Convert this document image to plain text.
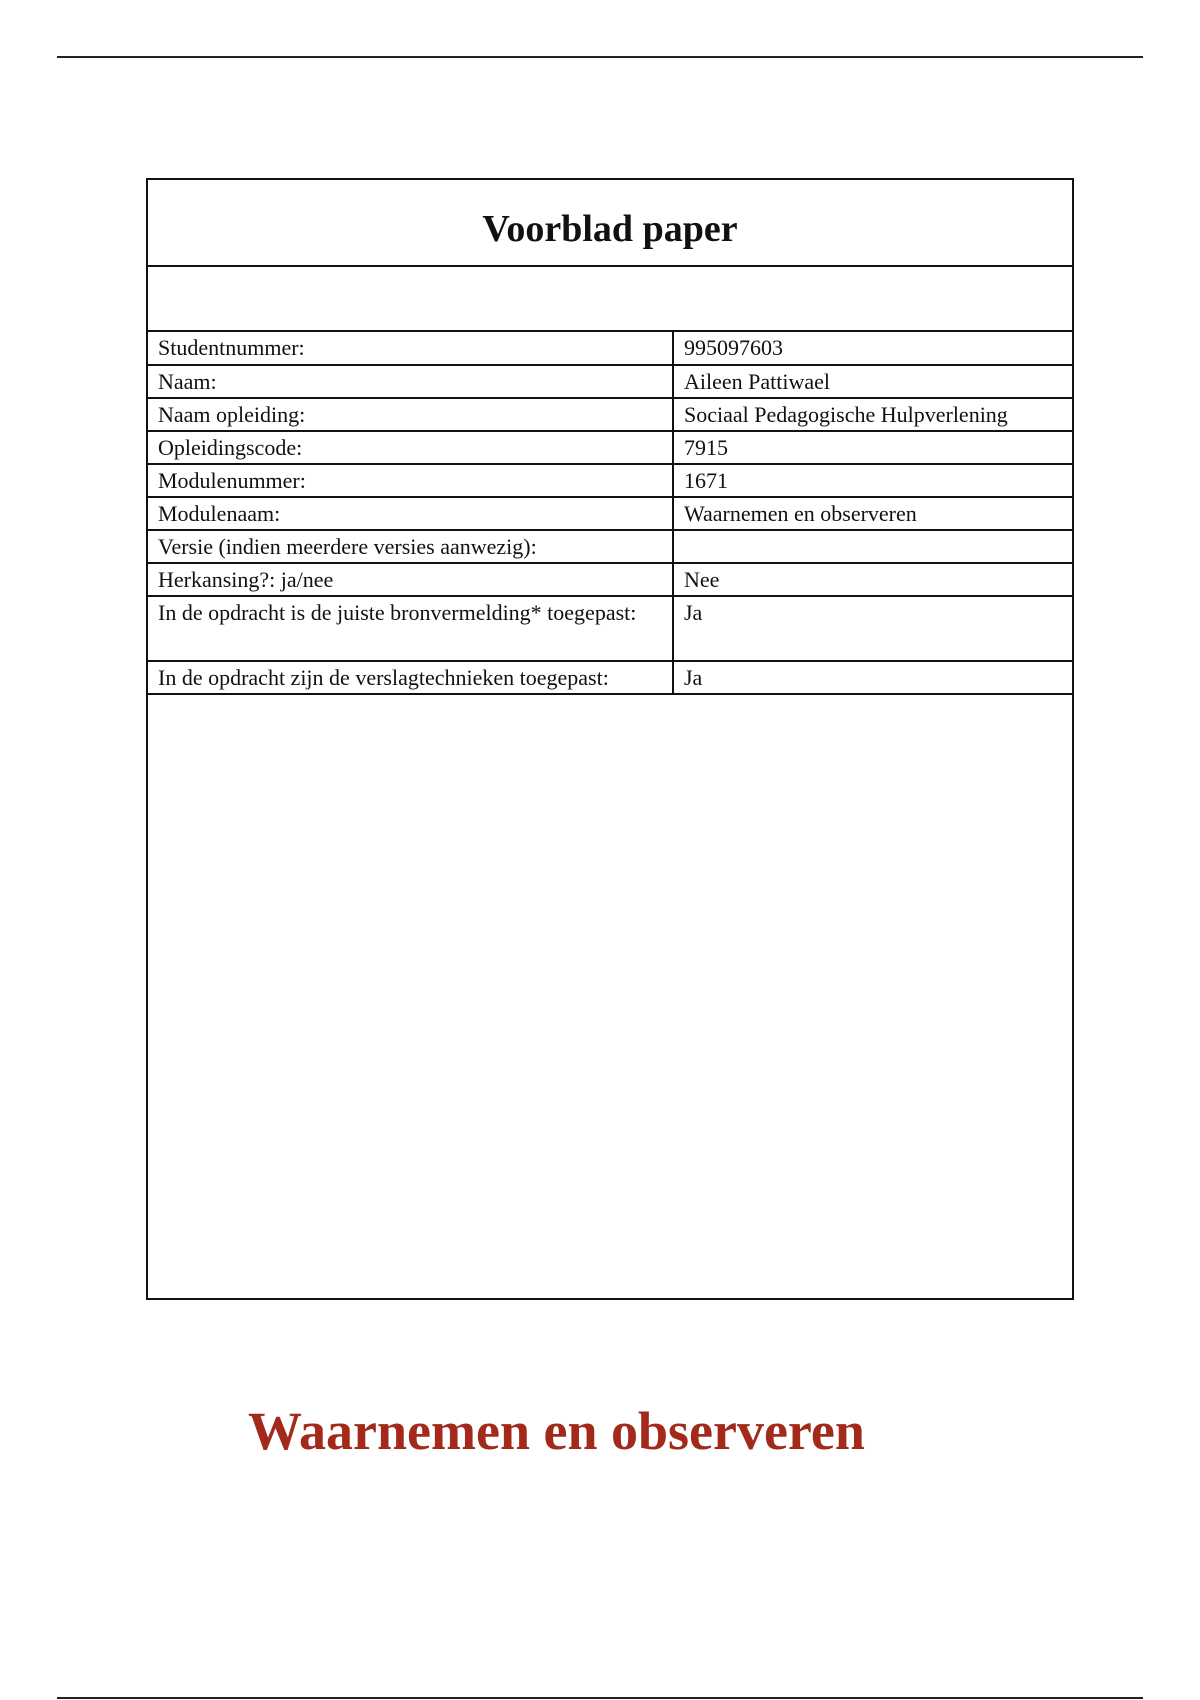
Voorblad paper
Studentnummer:	995097603
Naam:	Aileen Pattiwael
Naam opleiding:	Sociaal Pedagogische Hulpverlening
Opleidingscode:	7915
Modulenummer:	1671
Modulenaam:	Waarnemen en observeren
Versie (indien meerdere versies aanwezig):	
Herkansing?: ja/nee	Nee
In de opdracht is de juiste bronvermelding* toegepast:	Ja
In de opdracht zijn de verslagtechnieken toegepast:	Ja
Waarnemen en observeren
